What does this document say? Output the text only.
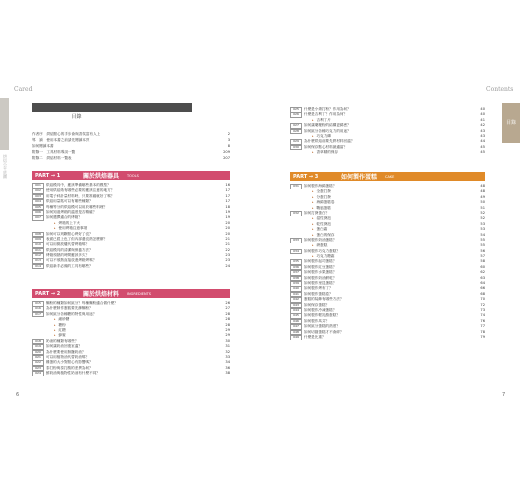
目錄
Cared	Contents
烘焙小平底鐗
6	7
Contents	目錄
作者序　烘焙點心的手步會與香氛富有人上	2
導　讀　使用本書之前請先閱讀本頁	3
如何閱讀本書	8
附錄一　工具材料專詞一覽	209
附錄二　烘焙材料一覽表	207
PART → 1	關於烘焙器具 TOOLS
001 烘焙模具中，應該準備哪些基本的模型？	16
002 使用烘焙紙有哪些必要的應該注意的地方？	17
003 用電子秤計量材料時，只要准確就好了嗎？	17
004 烘焙用量匙可以有哪些種類？	17
005 每種等分的烘焙模可以用於哪些料理？	18
006 如何知道烤箱的溫度是否精確？	19
007 如何選擇適合的烤箱？	19
▸ 烤箱的上下火	20
▸ 使用烤箱注意事項	20
008 如何可以判斷點心烤好了沒？	20
009 表面已經上色了但內部還沒熟怎麼辦？	21
010 可以用微波爐代替烤箱嗎？	21
011 烘焙模具的清潔與保養方法？	22
012 烤箱預熱的時間應該多久？	23
013 可以不預熱直接放進烤箱烤嗎？	23
014 烘焙新手必備的工具有哪些？	24
PART → 2	關於烘焙材料 INGREDIENTS
015 麵粉的種類如何區分？每種麵粉適合做什麼？	26
016 為什麼制作蛋糕要先篩麵粉？	27
017 如何區分各種糖的特性與用途？	28
▸ 細砂糖	28
▸ 糖粉	28
▸ 紅糖	29
▸ 蜂蜜	29
018 奶油的種類有哪些？	30
019 如何讓奶油回復室溫？	31
020 為什麼要使用無鹽奶油？	32
021 可以用植物油代替奶油嗎？	33
022 雞蛋的大小對點心有影響嗎？	34
023 泰打粉與泰打酸的差異為何？	36
024 鮮奶油與植物性奶油有什麼不同？	38
025 什麼是小煩打粉？作用為何？	40
026 什麼是吉利丁？作用為何？	40
▸ 吉利丁片	41
027 如何讓麾粳粉的結構更綿密？	42
028 如何區分各種巧克力的用途？	43
▸ 巧克力磚	43
029 為什麼烘焙前要先將材料回溫？	44
030 如何保存點心材料最適當？	45
▸ 香草精的保存	45
PART → 3	如何製作蛋糕 CAKE
031 如何製作海綿蛋糕？	48
▸ 全蛋打發	48
▸ 分蛋打發	49
▸ 海綿蛋糕卷	50
▸ 戰風蛋糕	51
032 如何打發蛋白？	52
▸ 湿性發泡	52
▸ 乾性發泡	53
▸ 蛋白霜	53
▸ 蛋白的保存	54
033 如何製作奶油蛋糕？	55
▸ 磅蛋糕	55
034 如何製作巧克力蛋糕？	56
▸ 巧克力糖霜	57
035 如何製作起司蛋糕？	58
036 如何製作紅豆蛋糕？	60
037 如何製作水果蛋糕？	62
038 如何製作奶油餅乾？	63
039 如何製作里昆蛋糕？	64
040 如何製作烤布丁？	66
041 如何製作蛋糕卷？	68
042 蛋糕的装飾有哪些方法？	70
043 如何保存蛋糕？	72
044 如何製作冷凍蛋糕？	73
045 如何製作輕乳酪蛋糕？	74
046 如何製作馬芬？	76
047 如何區分蛋糕的熟度？	77
048 如何切割蛋糕才不會碎？	78
049 什麼是比重？	79
